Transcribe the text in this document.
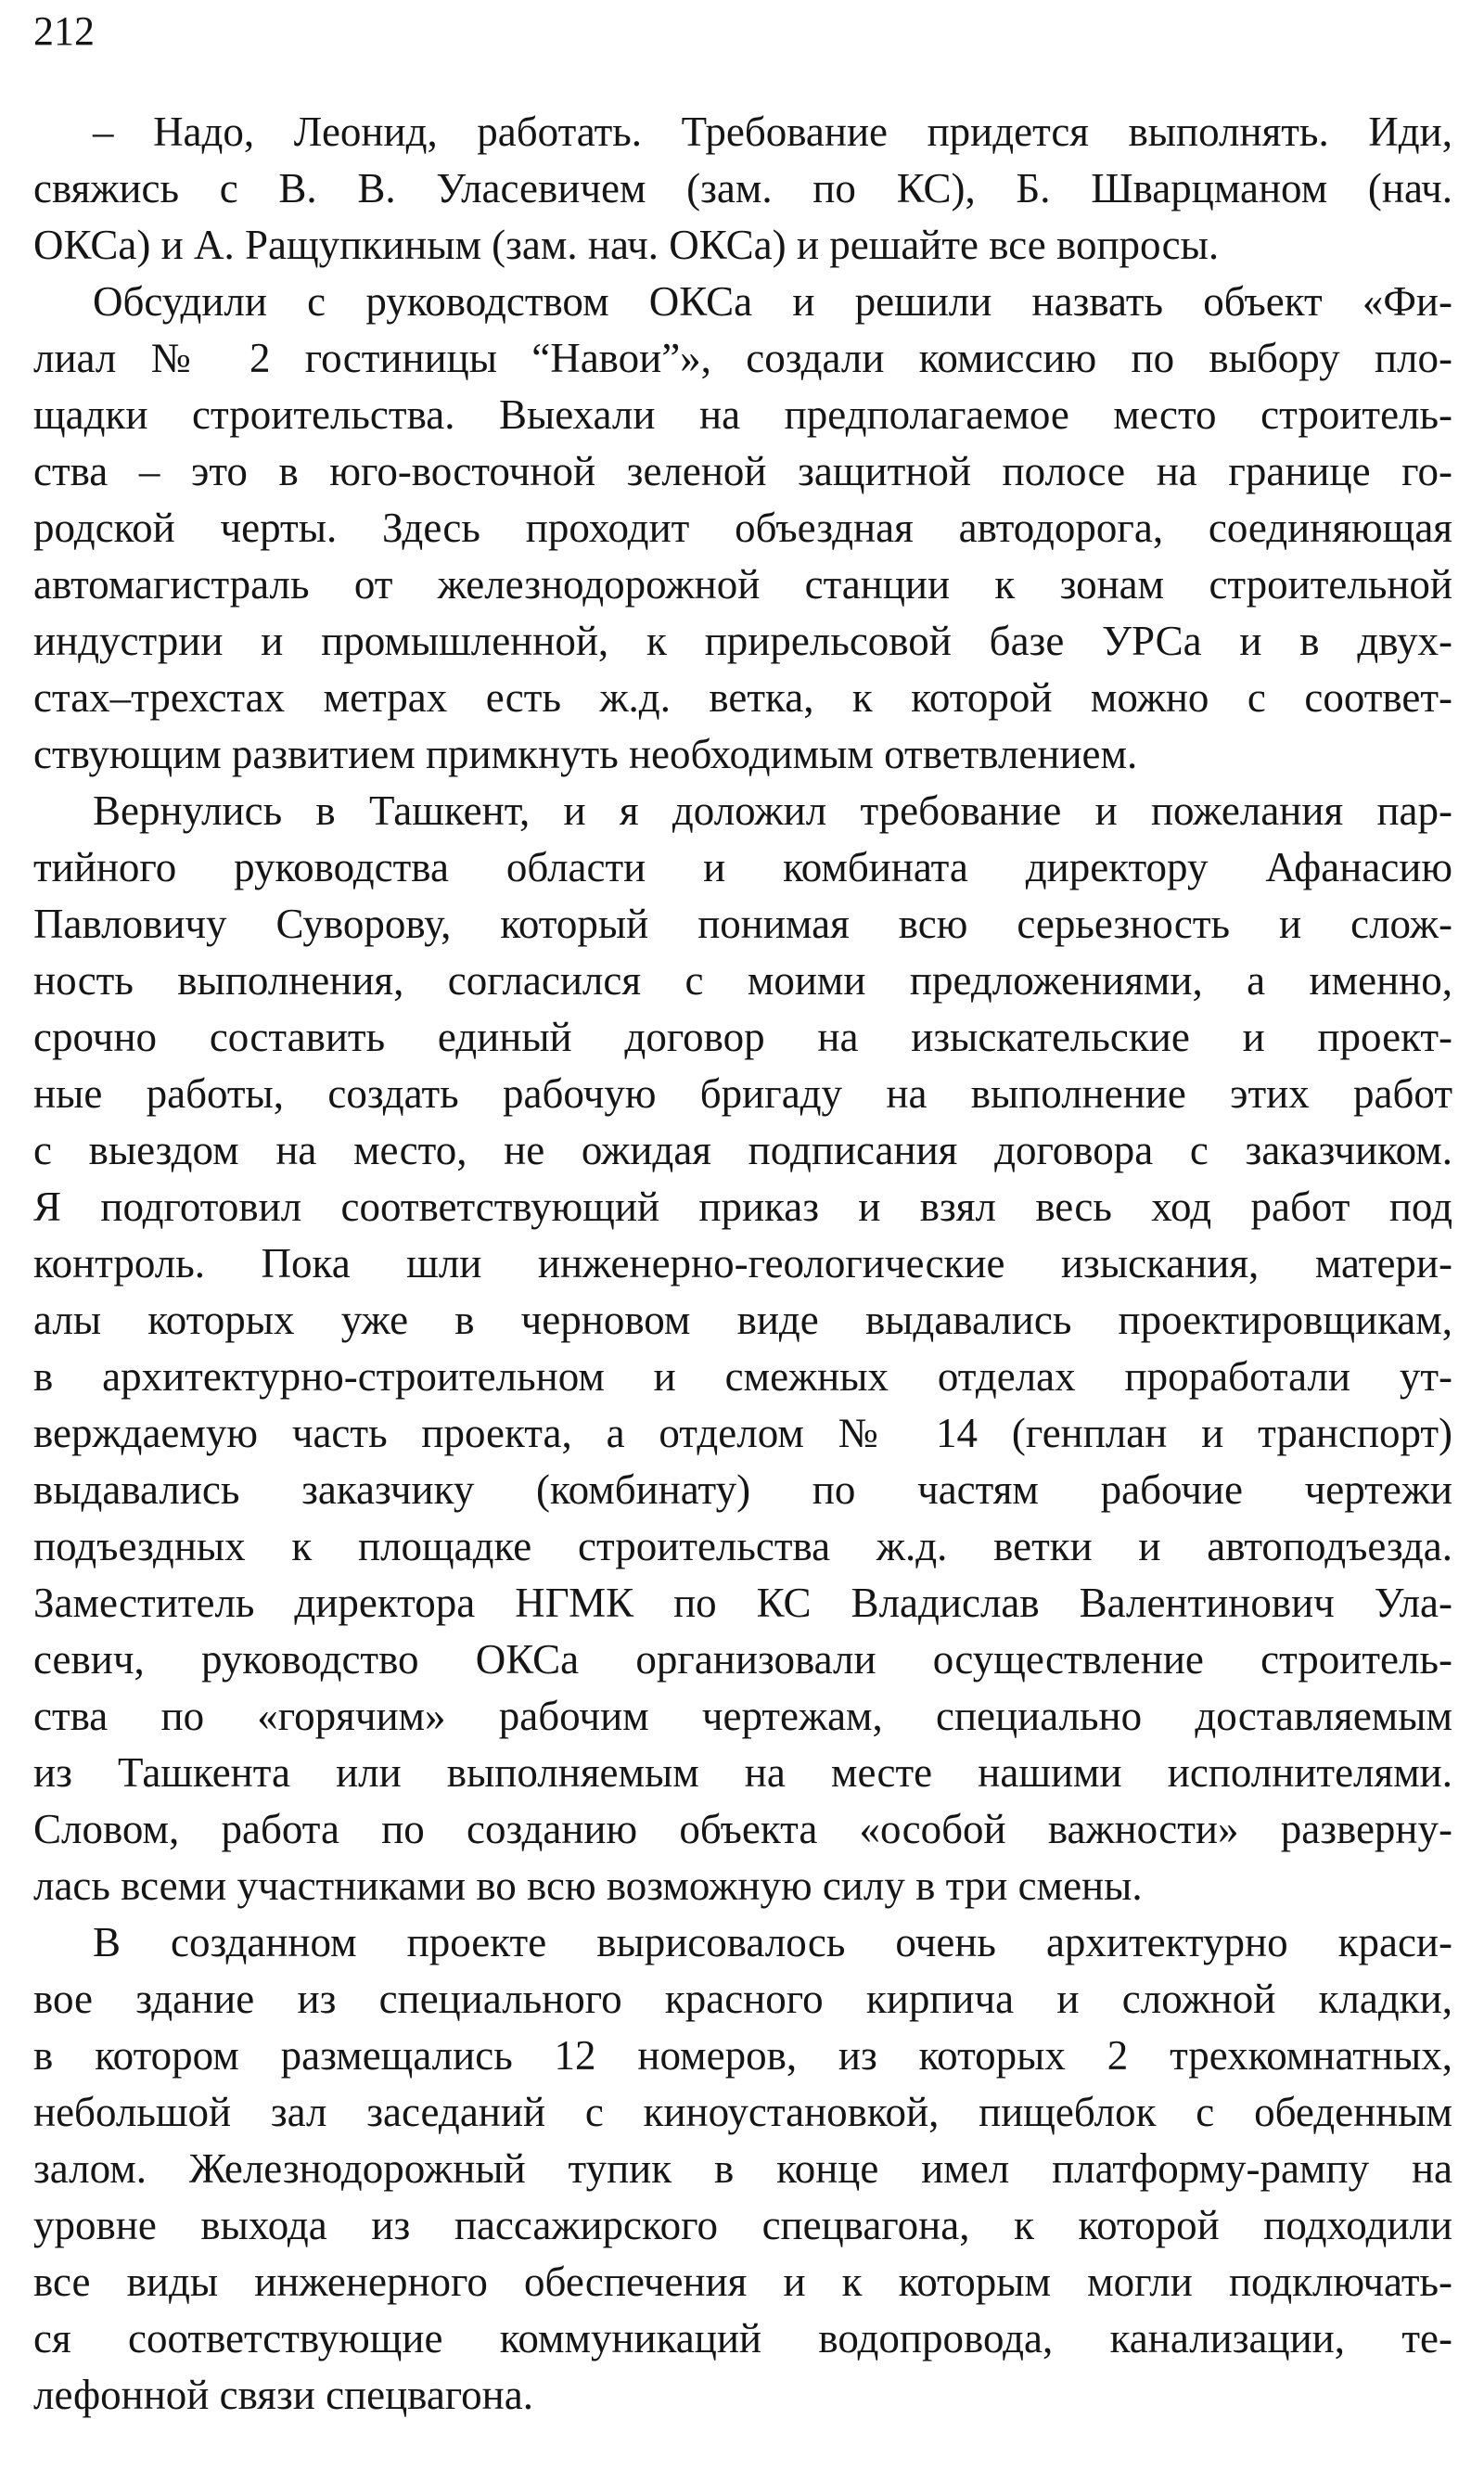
212

– Надо, Леонид, работать. Требование придется выполнять. Иди,
свяжись с В. В. Уласевичем (зам. по КС), Б. Шварцманом (нач.
ОКСа) и А. Ращупкиным (зам. нач. ОКСа) и решайте все вопросы.

Обсудили с руководством ОКСа и решили назвать объект «Фи-
лиал № 2 гостиницы “Навои”», создали комиссию по выбору пло-
щадки строительства. Выехали на предполагаемое место строитель-
ства – это в юго-восточной зеленой защитной полосе на границе го-
родской черты. Здесь проходит объездная автодорога, соединяющая
автомагистраль от железнодорожной станции к зонам строительной
индустрии и промышленной, к прирельсовой базе УРСа и в двух-
стах–трехстах метрах есть ж.д. ветка, к которой можно с соответ-
ствующим развитием примкнуть необходимым ответвлением.

Вернулись в Ташкент, и я доложил требование и пожелания пар-
тийного руководства области и комбината директору Афанасию
Павловичу Суворову, который понимая всю серьезность и слож-
ность выполнения, согласился с моими предложениями, а именно,
срочно составить единый договор на изыскательские и проект-
ные работы, создать рабочую бригаду на выполнение этих работ
с выездом на место, не ожидая подписания договора с заказчиком.
Я подготовил соответствующий приказ и взял весь ход работ под
контроль. Пока шли инженерно-геологические изыскания, матери-
алы которых уже в черновом виде выдавались проектировщикам,
в архитектурно-строительном и смежных отделах проработали ут-
верждаемую часть проекта, а отделом № 14 (генплан и транспорт)
выдавались заказчику (комбинату) по частям рабочие чертежи
подъездных к площадке строительства ж.д. ветки и автоподъезда.
Заместитель директора НГМК по КС Владислав Валентинович Ула-
севич, руководство ОКСа организовали осуществление строитель-
ства по «горячим» рабочим чертежам, специально доставляемым
из Ташкента или выполняемым на месте нашими исполнителями.
Словом, работа по созданию объекта «особой важности» разверну-
лась всеми участниками во всю возможную силу в три смены.

В созданном проекте вырисовалось очень архитектурно краси-
вое здание из специального красного кирпича и сложной кладки,
в котором размещались 12 номеров, из которых 2 трехкомнатных,
небольшой зал заседаний с киноустановкой, пищеблок с обеденным
залом. Железнодорожный тупик в конце имел платформу-рампу на
уровне выхода из пассажирского спецвагона, к которой подходили
все виды инженерного обеспечения и к которым могли подключать-
ся соответствующие коммуникаций водопровода, канализации, те-
лефонной связи спецвагона.
